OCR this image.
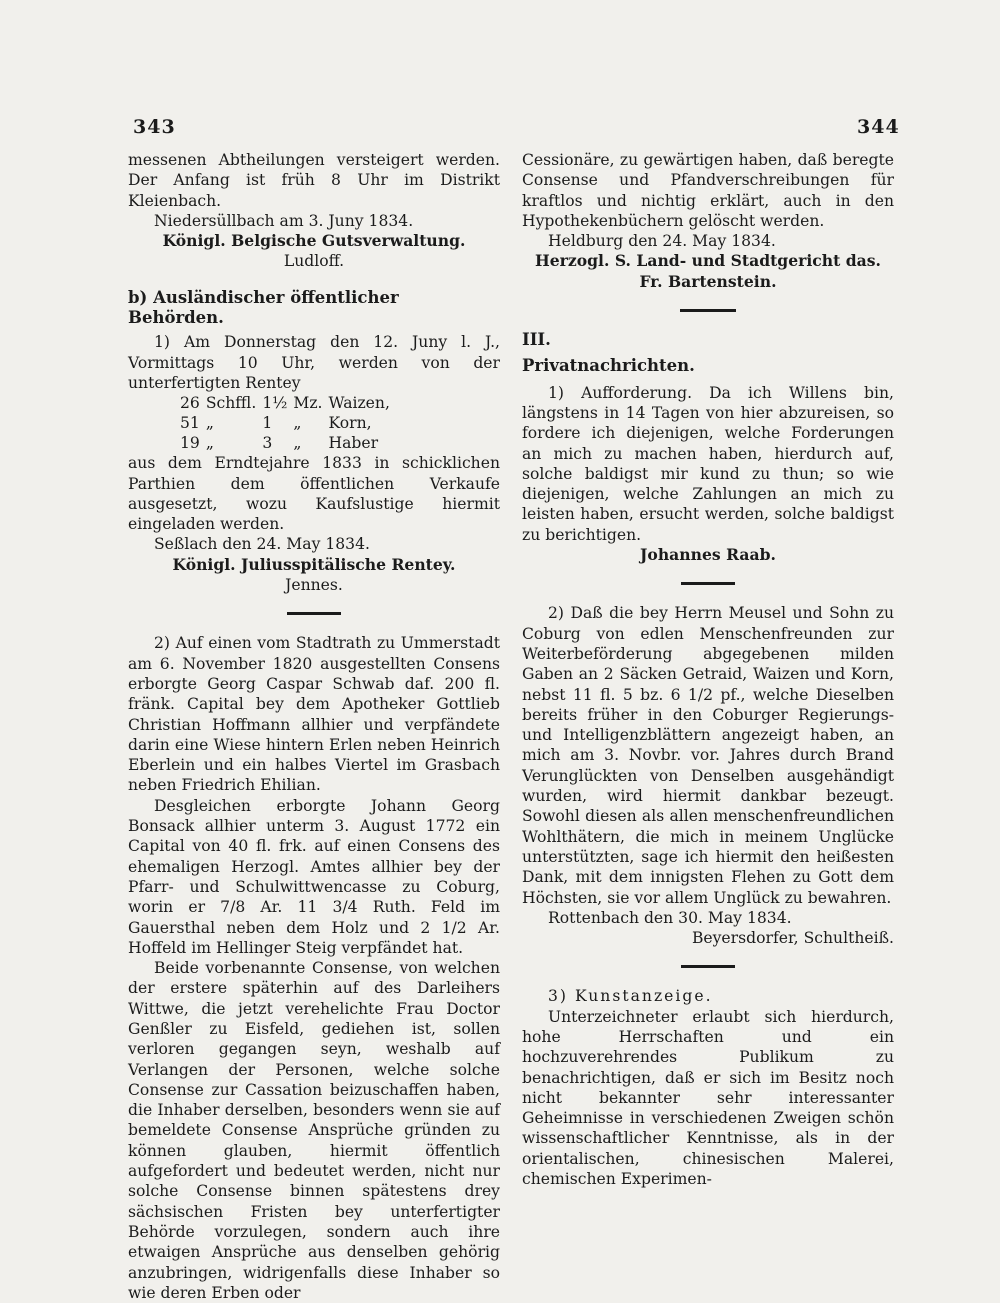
343	344

messenen Abtheilungen versteigert werden. Der Anfang ist früh 8 Uhr im Distrikt Kleienbach.

Niedersüllbach am 3. Juny 1834.

Königl. Belgische Gutsverwaltung.

Ludloff.

b) Ausländischer öffentlicher Behörden.

1) Am Donnerstag den 12. Juny l. J., Vormittags 10 Uhr, werden von der unterfertigten Rentey

26	Schffl.	1½	Mz.	Waizen,
51	„	1	„	Korn,
19	„	3	„	Haber

aus dem Erndtejahre 1833 in schicklichen Parthien dem öffentlichen Verkaufe ausgesetzt, wozu Kaufslustige hiermit eingeladen werden.

Seßlach den 24. May 1834.

Königl. Juliusspitälische Rentey.

Jennes.

2) Auf einen vom Stadtrath zu Ummerstadt am 6. November 1820 ausgestellten Consens erborgte Georg Caspar Schwab daf. 200 fl. fränk. Capital bey dem Apotheker Gottlieb Christian Hoffmann allhier und verpfändete darin eine Wiese hintern Erlen neben Heinrich Eberlein und ein halbes Viertel im Grasbach neben Friedrich Ehilian.

Desgleichen erborgte Johann Georg Bonsack allhier unterm 3. August 1772 ein Capital von 40 fl. frk. auf einen Consens des ehemaligen Herzogl. Amtes allhier bey der Pfarr- und Schulwittwencasse zu Coburg, worin er 7/8 Ar. 11 3/4 Ruth. Feld im Gauersthal neben dem Holz und 2 1/2 Ar. Hoffeld im Hellinger Steig verpfändet hat.

Beide vorbenannte Consense, von welchen der erstere späterhin auf des Darleihers Wittwe, die jetzt verehelichte Frau Doctor Genßler zu Eisfeld, gediehen ist, sollen verloren gegangen seyn, weshalb auf Verlangen der Personen, welche solche Consense zur Cassation beizuschaffen haben, die Inhaber derselben, besonders wenn sie auf bemeldete Consense Ansprüche gründen zu können glauben, hiermit öffentlich aufgefordert und bedeutet werden, nicht nur solche Consense binnen spätestens drey sächsischen Fristen bey unterfertigter Behörde vorzulegen, sondern auch ihre etwaigen Ansprüche aus denselben gehörig anzubringen, widrigenfalls diese Inhaber so wie deren Erben oder

Cessionäre, zu gewärtigen haben, daß beregte Consense und Pfandverschreibungen für kraftlos und nichtig erklärt, auch in den Hypothekenbüchern gelöscht werden.

Heldburg den 24. May 1834.

Herzogl. S. Land- und Stadtgericht das.

Fr. Bartenstein.

III.

Privatnachrichten.

1) Aufforderung. Da ich Willens bin, längstens in 14 Tagen von hier abzureisen, so fordere ich diejenigen, welche Forderungen an mich zu machen haben, hierdurch auf, solche baldigst mir kund zu thun; so wie diejenigen, welche Zahlungen an mich zu leisten haben, ersucht werden, solche baldigst zu berichtigen.

Johannes Raab.

2) Daß die bey Herrn Meusel und Sohn zu Coburg von edlen Menschenfreunden zur Weiterbeförderung abgegebenen milden Gaben an 2 Säcken Getraid, Waizen und Korn, nebst 11 fl. 5 bz. 6 1/2 pf., welche Dieselben bereits früher in den Coburger Regierungs- und Intelligenzblättern angezeigt haben, an mich am 3. Novbr. vor. Jahres durch Brand Verunglückten von Denselben ausgehändigt wurden, wird hiermit dankbar bezeugt. Sowohl diesen als allen menschenfreundlichen Wohlthätern, die mich in meinem Unglücke unterstützten, sage ich hiermit den heißesten Dank, mit dem innigsten Flehen zu Gott dem Höchsten, sie vor allem Unglück zu bewahren.

Rottenbach den 30. May 1834.

Beyersdorfer, Schultheiß.

3) Kunstanzeige.

Unterzeichneter erlaubt sich hierdurch, hohe Herrschaften und ein hochzuverehrendes Publikum zu benachrichtigen, daß er sich im Besitz noch nicht bekannter sehr interessanter Geheimnisse in verschiedenen Zweigen schön wissenschaftlicher Kenntnisse, als in der orientalischen, chinesischen Malerei, chemischen Experimen-
